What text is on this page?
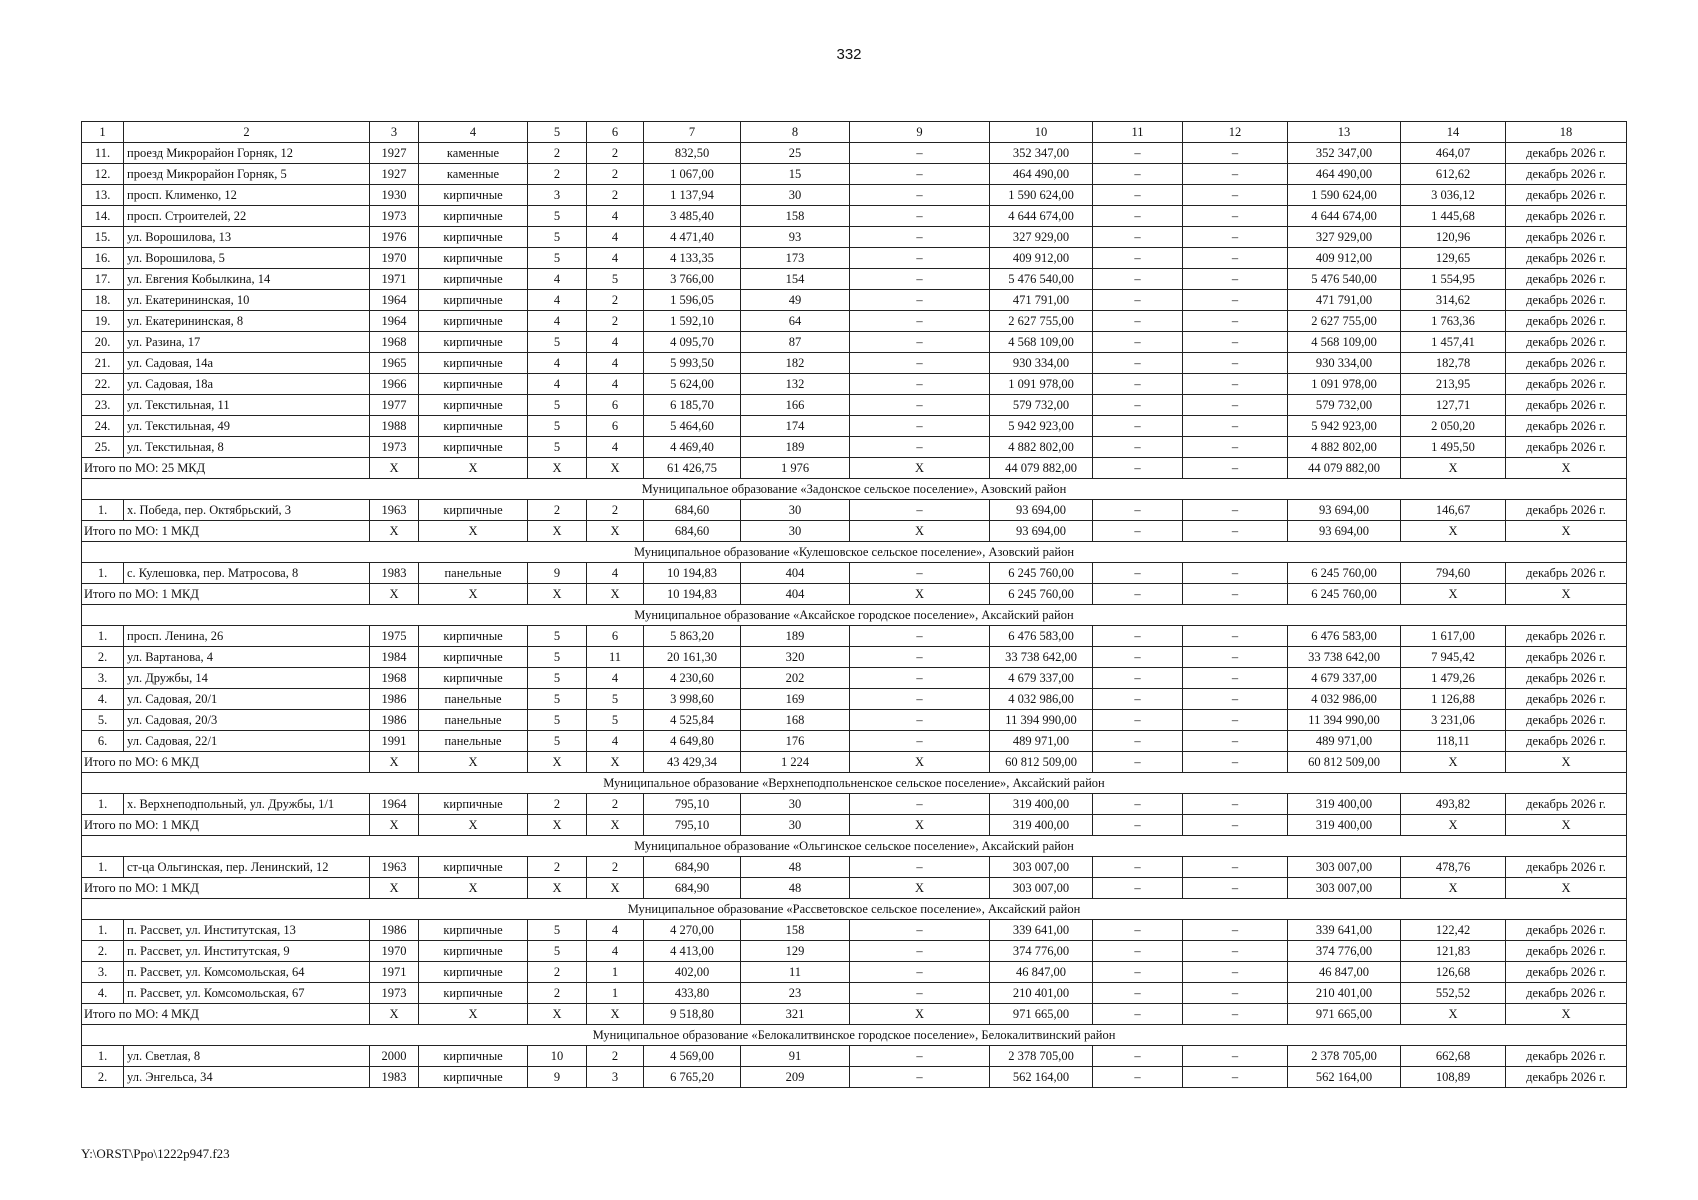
332
1	2	3	4	5	6	7	8	9	10	11	12	13	14	18
11.	проезд Микрорайон Горняк, 12	1927	каменные	2	2	832,50	25	–	352 347,00	–	–	352 347,00	464,07	декабрь 2026 г.
12.	проезд Микрорайон Горняк, 5	1927	каменные	2	2	1 067,00	15	–	464 490,00	–	–	464 490,00	612,62	декабрь 2026 г.
13.	просп. Клименко, 12	1930	кирпичные	3	2	1 137,94	30	–	1 590 624,00	–	–	1 590 624,00	3 036,12	декабрь 2026 г.
14.	просп. Строителей, 22	1973	кирпичные	5	4	3 485,40	158	–	4 644 674,00	–	–	4 644 674,00	1 445,68	декабрь 2026 г.
15.	ул. Ворошилова, 13	1976	кирпичные	5	4	4 471,40	93	–	327 929,00	–	–	327 929,00	120,96	декабрь 2026 г.
16.	ул. Ворошилова, 5	1970	кирпичные	5	4	4 133,35	173	–	409 912,00	–	–	409 912,00	129,65	декабрь 2026 г.
17.	ул. Евгения Кобылкина, 14	1971	кирпичные	4	5	3 766,00	154	–	5 476 540,00	–	–	5 476 540,00	1 554,95	декабрь 2026 г.
18.	ул. Екатерининская, 10	1964	кирпичные	4	2	1 596,05	49	–	471 791,00	–	–	471 791,00	314,62	декабрь 2026 г.
19.	ул. Екатерининская, 8	1964	кирпичные	4	2	1 592,10	64	–	2 627 755,00	–	–	2 627 755,00	1 763,36	декабрь 2026 г.
20.	ул. Разина, 17	1968	кирпичные	5	4	4 095,70	87	–	4 568 109,00	–	–	4 568 109,00	1 457,41	декабрь 2026 г.
21.	ул. Садовая, 14а	1965	кирпичные	4	4	5 993,50	182	–	930 334,00	–	–	930 334,00	182,78	декабрь 2026 г.
22.	ул. Садовая, 18а	1966	кирпичные	4	4	5 624,00	132	–	1 091 978,00	–	–	1 091 978,00	213,95	декабрь 2026 г.
23.	ул. Текстильная, 11	1977	кирпичные	5	6	6 185,70	166	–	579 732,00	–	–	579 732,00	127,71	декабрь 2026 г.
24.	ул. Текстильная, 49	1988	кирпичные	5	6	5 464,60	174	–	5 942 923,00	–	–	5 942 923,00	2 050,20	декабрь 2026 г.
25.	ул. Текстильная, 8	1973	кирпичные	5	4	4 469,40	189	–	4 882 802,00	–	–	4 882 802,00	1 495,50	декабрь 2026 г.
Итого по МО: 25 МКД		X	X	X	X	61 426,75	1 976	X	44 079 882,00	–	–	44 079 882,00	X	X
Муниципальное образование «Задонское сельское поселение», Азовский район														
1.	х. Победа, пер. Октябрьский, 3	1963	кирпичные	2	2	684,60	30	–	93 694,00	–	–	93 694,00	146,67	декабрь 2026 г.
Итого по МО: 1 МКД		X	X	X	X	684,60	30	X	93 694,00	–	–	93 694,00	X	X
Муниципальное образование «Кулешовское сельское поселение», Азовский район														
1.	с. Кулешовка, пер. Матросова, 8	1983	панельные	9	4	10 194,83	404	–	6 245 760,00	–	–	6 245 760,00	794,60	декабрь 2026 г.
Итого по МО: 1 МКД		X	X	X	X	10 194,83	404	X	6 245 760,00	–	–	6 245 760,00	X	X
Муниципальное образование «Аксайское городское поселение», Аксайский район														
1.	просп. Ленина, 26	1975	кирпичные	5	6	5 863,20	189	–	6 476 583,00	–	–	6 476 583,00	1 617,00	декабрь 2026 г.
2.	ул. Вартанова, 4	1984	кирпичные	5	11	20 161,30	320	–	33 738 642,00	–	–	33 738 642,00	7 945,42	декабрь 2026 г.
3.	ул. Дружбы, 14	1968	кирпичные	5	4	4 230,60	202	–	4 679 337,00	–	–	4 679 337,00	1 479,26	декабрь 2026 г.
4.	ул. Садовая, 20/1	1986	панельные	5	5	3 998,60	169	–	4 032 986,00	–	–	4 032 986,00	1 126,88	декабрь 2026 г.
5.	ул. Садовая, 20/3	1986	панельные	5	5	4 525,84	168	–	11 394 990,00	–	–	11 394 990,00	3 231,06	декабрь 2026 г.
6.	ул. Садовая, 22/1	1991	панельные	5	4	4 649,80	176	–	489 971,00	–	–	489 971,00	118,11	декабрь 2026 г.
Итого по МО: 6 МКД		X	X	X	X	43 429,34	1 224	X	60 812 509,00	–	–	60 812 509,00	X	X
Муниципальное образование «Верхнеподпольненское сельское поселение», Аксайский район														
1.	х. Верхнеподпольный, ул. Дружбы, 1/1	1964	кирпичные	2	2	795,10	30	–	319 400,00	–	–	319 400,00	493,82	декабрь 2026 г.
Итого по МО: 1 МКД		X	X	X	X	795,10	30	X	319 400,00	–	–	319 400,00	X	X
Муниципальное образование «Ольгинское сельское поселение», Аксайский район														
1.	ст-ца Ольгинская, пер. Ленинский, 12	1963	кирпичные	2	2	684,90	48	–	303 007,00	–	–	303 007,00	478,76	декабрь 2026 г.
Итого по МО: 1 МКД		X	X	X	X	684,90	48	X	303 007,00	–	–	303 007,00	X	X
Муниципальное образование «Рассветовское сельское поселение», Аксайский район														
1.	п. Рассвет, ул. Институтская, 13	1986	кирпичные	5	4	4 270,00	158	–	339 641,00	–	–	339 641,00	122,42	декабрь 2026 г.
2.	п. Рассвет, ул. Институтская, 9	1970	кирпичные	5	4	4 413,00	129	–	374 776,00	–	–	374 776,00	121,83	декабрь 2026 г.
3.	п. Рассвет, ул. Комсомольская, 64	1971	кирпичные	2	1	402,00	11	–	46 847,00	–	–	46 847,00	126,68	декабрь 2026 г.
4.	п. Рассвет, ул. Комсомольская, 67	1973	кирпичные	2	1	433,80	23	–	210 401,00	–	–	210 401,00	552,52	декабрь 2026 г.
Итого по МО: 4 МКД		X	X	X	X	9 518,80	321	X	971 665,00	–	–	971 665,00	X	X
Муниципальное образование «Белокалитвинское городское поселение», Белокалитвинский район														
1.	ул. Светлая, 8	2000	кирпичные	10	2	4 569,00	91	–	2 378 705,00	–	–	2 378 705,00	662,68	декабрь 2026 г.
2.	ул. Энгельса, 34	1983	кирпичные	9	3	6 765,20	209	–	562 164,00	–	–	562 164,00	108,89	декабрь 2026 г.
Y:\ORST\Ppo\1222p947.f23
